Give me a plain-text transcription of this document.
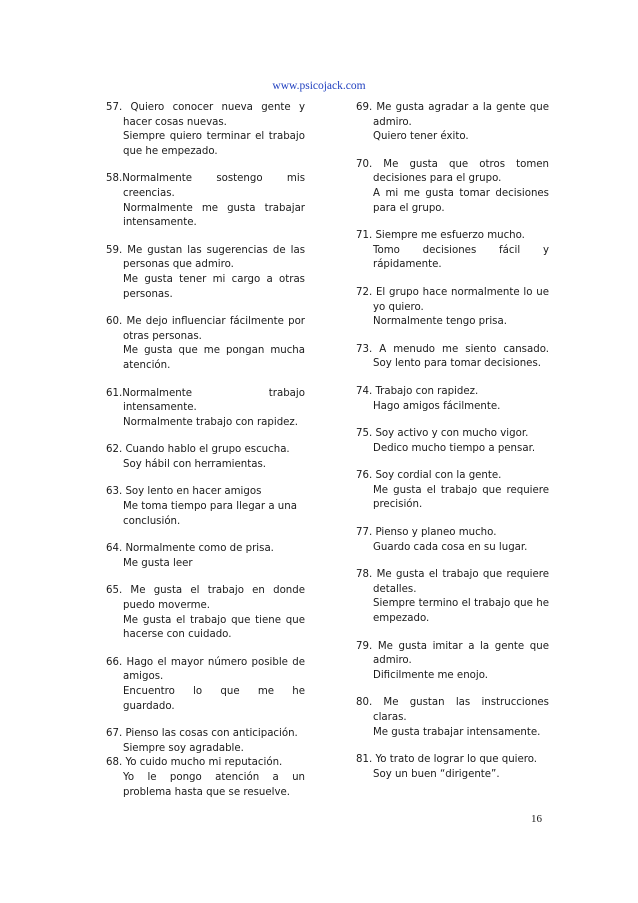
www.psicojack.com

57. Quiero conocer nueva gente y

hacer cosas nuevas.

Siempre quiero terminar el trabajo

que he empezado.

58.Normalmente sostengo mis

creencias.

Normalmente me gusta trabajar

intensamente.

59. Me gustan las sugerencias de las

personas que admiro.

Me gusta tener mi cargo a otras

personas.

60. Me dejo influenciar fácilmente por

otras personas.

Me gusta que me pongan mucha

atención.

61.Normalmente trabajo

intensamente.

Normalmente trabajo con rapidez.

62. Cuando hablo el grupo escucha.

Soy hábil con herramientas.

63. Soy lento en hacer amigos

Me toma tiempo para llegar a una

conclusión.

64. Normalmente como de prisa.

Me gusta leer

65. Me gusta el trabajo en donde

puedo moverme.

Me gusta el trabajo que tiene que

hacerse con cuidado.

66. Hago el mayor número posible de

amigos.

Encuentro lo que me he

guardado.

67. Pienso las cosas con anticipación.

Siempre soy agradable.

68. Yo cuido mucho mi reputación.

Yo le pongo atención a un

problema hasta que se resuelve.

69. Me gusta agradar a la gente que

admiro.

Quiero tener éxito.

70. Me gusta que otros tomen

decisiones para el grupo.

A mi me gusta tomar decisiones

para el grupo.

71. Siempre me esfuerzo mucho.

Tomo decisiones fácil y

rápidamente.

72. El grupo hace normalmente lo ue

yo quiero.

Normalmente tengo prisa.

73. A menudo me siento cansado.

Soy lento para tomar decisiones.

74. Trabajo con rapidez.

Hago amigos fácilmente.

75. Soy activo y con mucho vigor.

Dedico mucho tiempo a pensar.

76. Soy cordial con la gente.

Me gusta el trabajo que requiere

precisión.

77. Pienso y planeo mucho.

Guardo cada cosa en su lugar.

78. Me gusta el trabajo que requiere

detalles.

Siempre termino el trabajo que he

empezado.

79. Me gusta imitar a la gente que

admiro.

Dificilmente me enojo.

80. Me gustan las instrucciones

claras.

Me gusta trabajar intensamente.

81. Yo trato de lograr lo que quiero.

Soy un buen “dirigente”.

16
